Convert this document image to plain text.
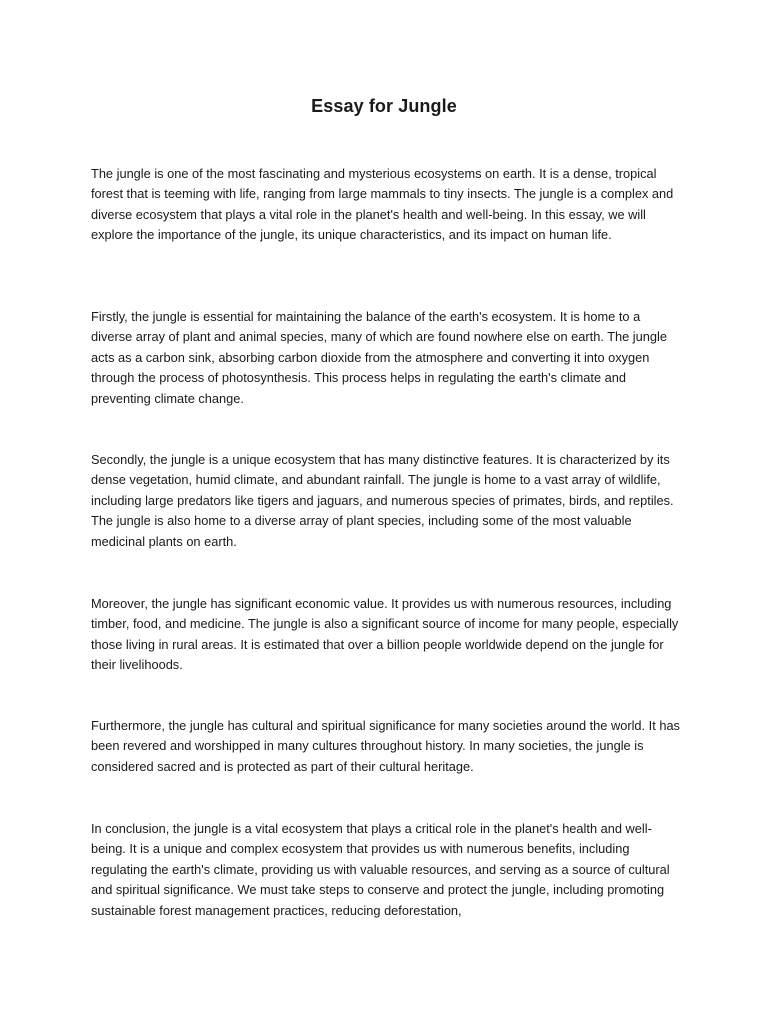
Essay for Jungle

The jungle is one of the most fascinating and mysterious ecosystems on earth. It is a dense, tropical forest that is teeming with life, ranging from large mammals to tiny insects. The jungle is a complex and diverse ecosystem that plays a vital role in the planet's health and well-being. In this essay, we will explore the importance of the jungle, its unique characteristics, and its impact on human life.

Firstly, the jungle is essential for maintaining the balance of the earth's ecosystem. It is home to a diverse array of plant and animal species, many of which are found nowhere else on earth. The jungle acts as a carbon sink, absorbing carbon dioxide from the atmosphere and converting it into oxygen through the process of photosynthesis. This process helps in regulating the earth's climate and preventing climate change.

Secondly, the jungle is a unique ecosystem that has many distinctive features. It is characterized by its dense vegetation, humid climate, and abundant rainfall. The jungle is home to a vast array of wildlife, including large predators like tigers and jaguars, and numerous species of primates, birds, and reptiles. The jungle is also home to a diverse array of plant species, including some of the most valuable medicinal plants on earth.

Moreover, the jungle has significant economic value. It provides us with numerous resources, including timber, food, and medicine. The jungle is also a significant source of income for many people, especially those living in rural areas. It is estimated that over a billion people worldwide depend on the jungle for their livelihoods.

Furthermore, the jungle has cultural and spiritual significance for many societies around the world. It has been revered and worshipped in many cultures throughout history. In many societies, the jungle is considered sacred and is protected as part of their cultural heritage.

In conclusion, the jungle is a vital ecosystem that plays a critical role in the planet's health and well-being. It is a unique and complex ecosystem that provides us with numerous benefits, including regulating the earth's climate, providing us with valuable resources, and serving as a source of cultural and spiritual significance. We must take steps to conserve and protect the jungle, including promoting sustainable forest management practices, reducing deforestation,
